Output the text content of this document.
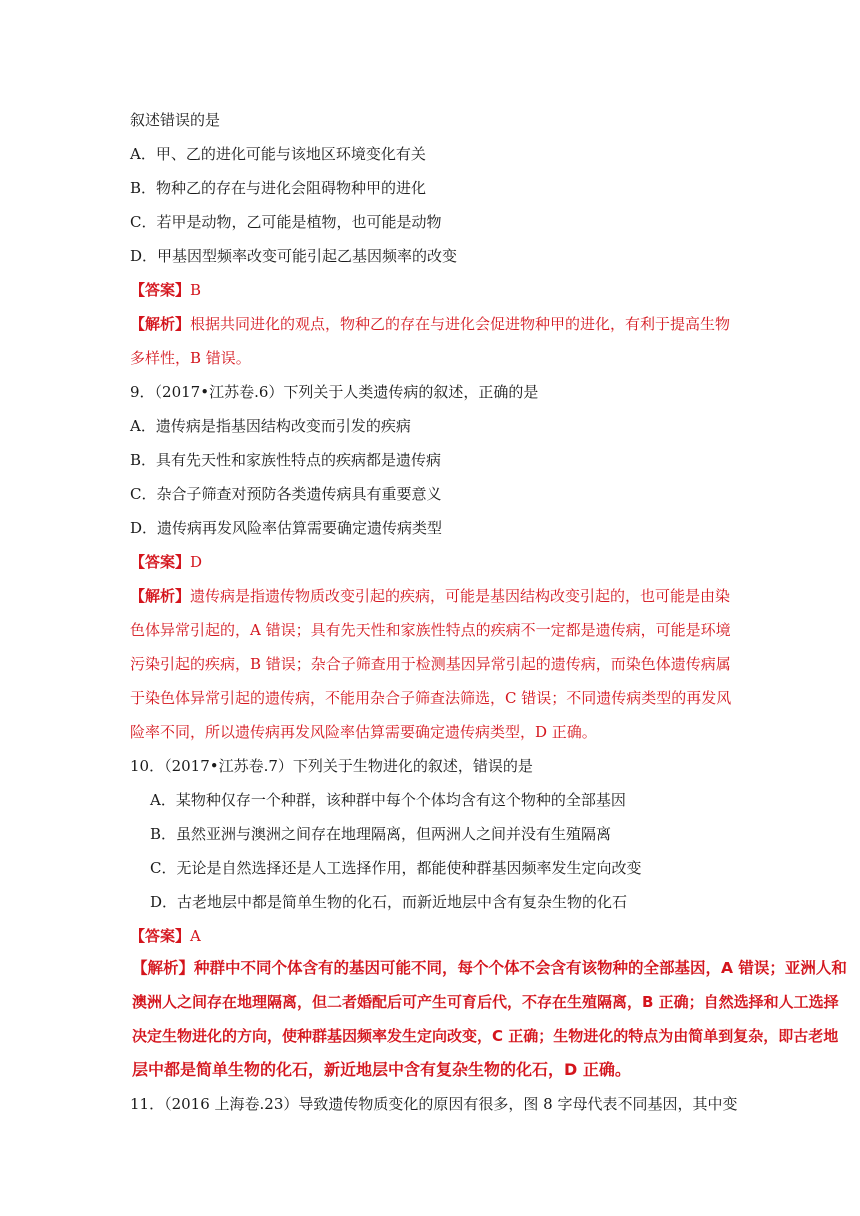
叙述错误的是
A．甲、乙的进化可能与该地区环境变化有关
B．物种乙的存在与进化会阻碍物种甲的进化
C．若甲是动物，乙可能是植物，也可能是动物
D．甲基因型频率改变可能引起乙基因频率的改变
【答案】B
【解析】根据共同进化的观点，物种乙的存在与进化会促进物种甲的进化，有利于提高生物
多样性，B 错误。
9．（2017•江苏卷.6）下列关于人类遗传病的叙述，正确的是
A．遗传病是指基因结构改变而引发的疾病
B．具有先天性和家族性特点的疾病都是遗传病
C．杂合子筛查对预防各类遗传病具有重要意义
D．遗传病再发风险率估算需要确定遗传病类型
【答案】D
【解析】遗传病是指遗传物质改变引起的疾病，可能是基因结构改变引起的，也可能是由染
色体异常引起的，A 错误；具有先天性和家族性特点的疾病不一定都是遗传病，可能是环境
污染引起的疾病，B 错误；杂合子筛查用于检测基因异常引起的遗传病，而染色体遗传病属
于染色体异常引起的遗传病，不能用杂合子筛查法筛选，C 错误；不同遗传病类型的再发风
险率不同，所以遗传病再发风险率估算需要确定遗传病类型，D 正确。
10．（2017•江苏卷.7）下列关于生物进化的叙述，错误的是
A．某物种仅存一个种群，该种群中每个个体均含有这个物种的全部基因
B．虽然亚洲与澳洲之间存在地理隔离，但两洲人之间并没有生殖隔离
C．无论是自然选择还是人工选择作用，都能使种群基因频率发生定向改变
D．古老地层中都是简单生物的化石，而新近地层中含有复杂生物的化石
【答案】A
【解析】种群中不同个体含有的基因可能不同，每个个体不会含有该物种的全部基因，A 错误；亚洲人和
澳洲人之间存在地理隔离，但二者婚配后可产生可育后代，不存在生殖隔离，B 正确；自然选择和人工选择
决定生物进化的方向，使种群基因频率发生定向改变，C 正确；生物进化的特点为由简单到复杂，即古老地
层中都是简单生物的化石，新近地层中含有复杂生物的化石，D 正确。
11．（2016 上海卷.23）导致遗传物质变化的原因有很多，图 8 字母代表不同基因，其中变
